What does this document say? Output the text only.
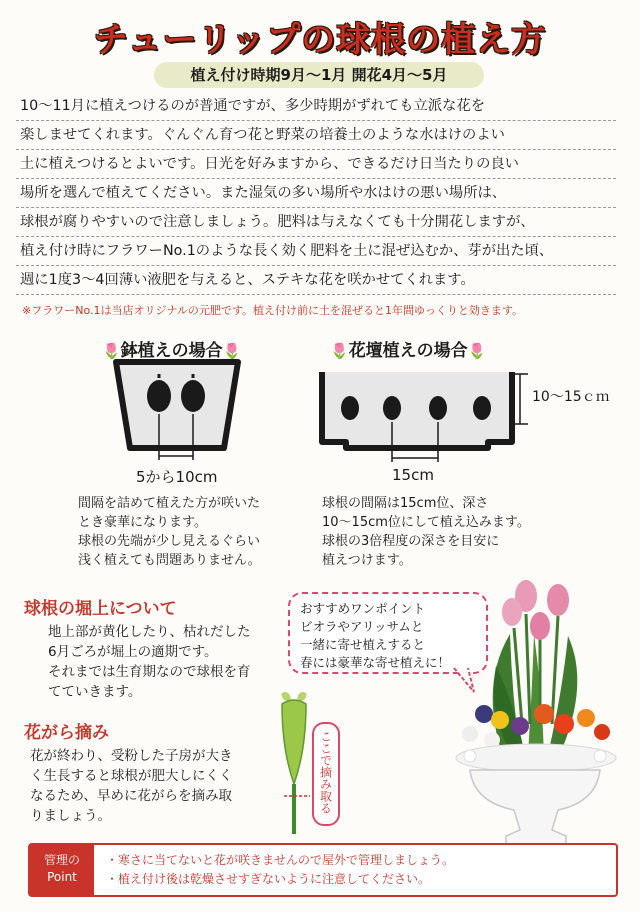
チューリップの球根の植え方
植え付け時期9月～1月 開花4月～5月
10～11月に植えつけるのが普通ですが、多少時期がずれても立派な花を
楽しませてくれます。ぐんぐん育つ花と野菜の培養土のような水はけのよい
土に植えつけるとよいです。日光を好みますから、できるだけ日当たりの良い
場所を選んで植えてください。また湿気の多い場所や水はけの悪い場所は、
球根が腐りやすいので注意しましょう。肥料は与えなくても十分開花しますが、
植え付け時にフラワーNo.1のような長く効く肥料を土に混ぜ込むか、芽が出た頃、
週に1度3～4回薄い液肥を与えると、ステキな花を咲かせてくれます。
※フラワーNo.1は当店オリジナルの元肥です。植え付け前に土を混ぜると1年間ゆっくりと効きます。
🌷鉢植えの場合🌷
5から10cm
間隔を詰めて植えた方が咲いた
とき豪華になります。
球根の先端が少し見えるぐらい
浅く植えても問題ありません。
🌷花壇植えの場合🌷
10～15ｃｍ
15cm
球根の間隔は15cm位、深さ
10～15cm位にして植え込みます。
球根の3倍程度の深さを目安に
植えつけます。
球根の堀上について
地上部が黄化したり、枯れだした
6月ごろが堀上の適期です。
それまでは生育期なので球根を育
てていきます。
花がら摘み
花が終わり、受粉した子房が大き
く生長すると球根が肥大しにくく
なるため、早めに花がらを摘み取
りましょう。
ここで摘み取る
おすすめワンポイント
ビオラやアリッサムと
一緒に寄せ植えすると
春には豪華な寄せ植えに！
管理の
Point
・寒さに当てないと花が咲きませんので屋外で管理しましょう。
・植え付け後は乾燥させすぎないように注意してください。
